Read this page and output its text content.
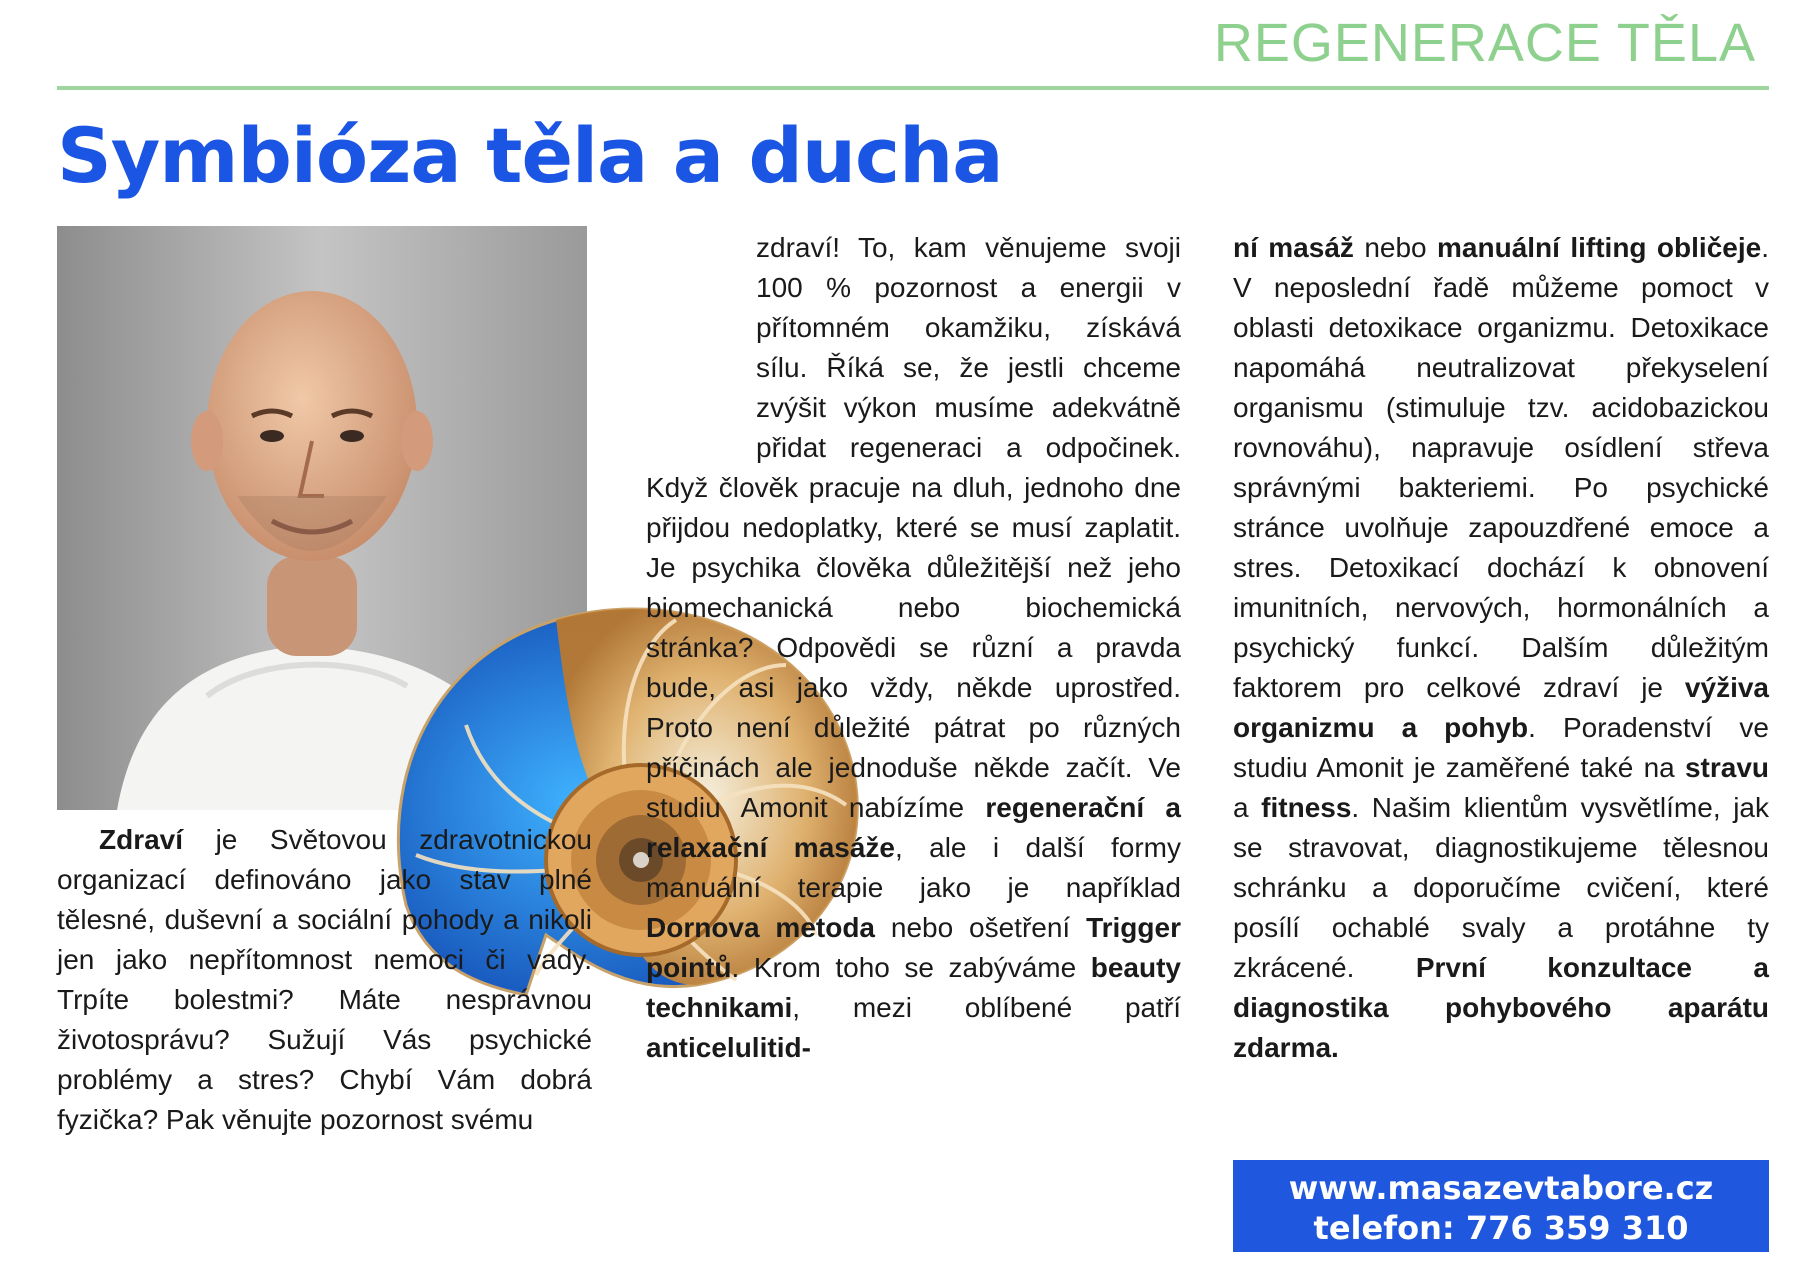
REGENERACE TĚLA
Symbióza těla a ducha

Zdraví je Světovou zdravotnickou organizací definováno jako stav plné tělesné, duševní a sociální pohody a nikoli jen jako nepřítomnost nemoci či vady. Trpíte bolestmi? Máte nesprávnou životosprávu? Sužují Vás psychické problémy a stres? Chybí Vám dobrá fyzička? Pak věnujte pozornost svému

zdraví! To, kam věnujeme svoji 100 % pozornost a energii v přítomném okamžiku, získává sílu. Říká se, že jestli chceme zvýšit výkon musíme adekvátně přidat regeneraci a odpočinek. Když člověk pracuje na dluh, jednoho dne přijdou nedoplatky, které se musí zaplatit. Je psychika člověka důležitější než jeho biomechanická nebo biochemická stránka? Odpovědi se různí a pravda bude, asi jako vždy, někde uprostřed. Proto není důležité pátrat po různých příčinách ale jednoduše někde začít. Ve studiu Amonit nabízíme regenerační a relaxační masáže, ale i další formy manuální terapie jako je například Dornova metoda nebo ošetření Trigger pointů. Krom toho se zabýváme beauty technikami, mezi oblíbené patří anticelulitid-

ní masáž nebo manuální lifting obličeje. V neposlední řadě můžeme pomoct v oblasti detoxikace organizmu. Detoxikace napomáhá neutralizovat překyselení organismu (stimuluje tzv. acidobazickou rovnováhu), napravuje osídlení střeva správnými bakteriemi. Po psychické stránce uvolňuje zapouzdřené emoce a stres. Detoxikací dochází k obnovení imunitních, nervových, hormonálních a psychický funkcí. Dalším důležitým faktorem pro celkové zdraví je výživa organizmu a pohyb. Poradenství ve studiu Amonit je zaměřené také na stravu a fitness. Našim klientům vysvětlíme, jak se stravovat, diagnostikujeme tělesnou schránku a doporučíme cvičení, které posílí ochablé svaly a protáhne ty zkrácené. První konzultace a diagnostika pohybového aparátu zdarma.

www.masazevtabore.cz
telefon: 776 359 310
